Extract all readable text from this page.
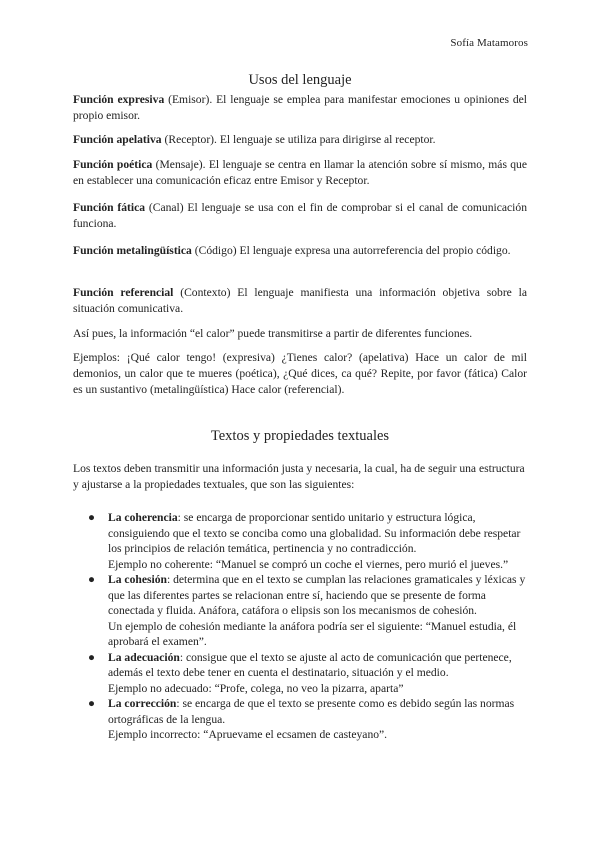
Sofía Matamoros
Usos del lenguaje
Función expresiva (Emisor). El lenguaje se emplea para manifestar emociones u opiniones del propio emisor.
Función apelativa (Receptor). El lenguaje se utiliza para dirigirse al receptor.
Función poética (Mensaje). El lenguaje se centra en llamar la atención sobre sí mismo, más que en establecer una comunicación eficaz entre Emisor y Receptor.
Función fática (Canal) El lenguaje se usa con el fin de comprobar si el canal de comunicación funciona.
Función metalingüística (Código) El lenguaje expresa una autorreferencia del propio código.
Función referencial (Contexto) El lenguaje manifiesta una información objetiva sobre la situación comunicativa.
Así pues, la información “el calor” puede transmitirse a partir de diferentes funciones.
Ejemplos: ¡Qué calor tengo! (expresiva) ¿Tienes calor? (apelativa) Hace un calor de mil demonios, un calor que te mueres (poética), ¿Qué dices, ca qué? Repite, por favor (fática) Calor es un sustantivo (metalingüística) Hace calor (referencial).
Textos y propiedades textuales
Los textos deben transmitir una información justa y necesaria, la cual, ha de seguir una estructura y ajustarse a la propiedades textuales, que son las siguientes:
● La coherencia: se encarga de proporcionar sentido unitario y estructura lógica, consiguiendo que el texto se conciba como una globalidad. Su información debe respetar los principios de relación temática, pertinencia y no contradicción.
Ejemplo no coherente: “Manuel se compró un coche el viernes, pero murió el jueves.”
● La cohesión: determina que en el texto se cumplan las relaciones gramaticales y léxicas y que las diferentes partes se relacionan entre sí, haciendo que se presente de forma conectada y fluida. Anáfora, catáfora o elipsis son los mecanismos de cohesión.
Un ejemplo de cohesión mediante la anáfora podría ser el siguiente: “Manuel estudia, él aprobará el examen”.
● La adecuación: consigue que el texto se ajuste al acto de comunicación que pertenece, además el texto debe tener en cuenta el destinatario, situación y el medio.
Ejemplo no adecuado: “Profe, colega, no veo la pizarra, aparta”
● La corrección: se encarga de que el texto se presente como es debido según las normas ortográficas de la lengua.
Ejemplo incorrecto: “Apruevame el ecsamen de casteyano”.
